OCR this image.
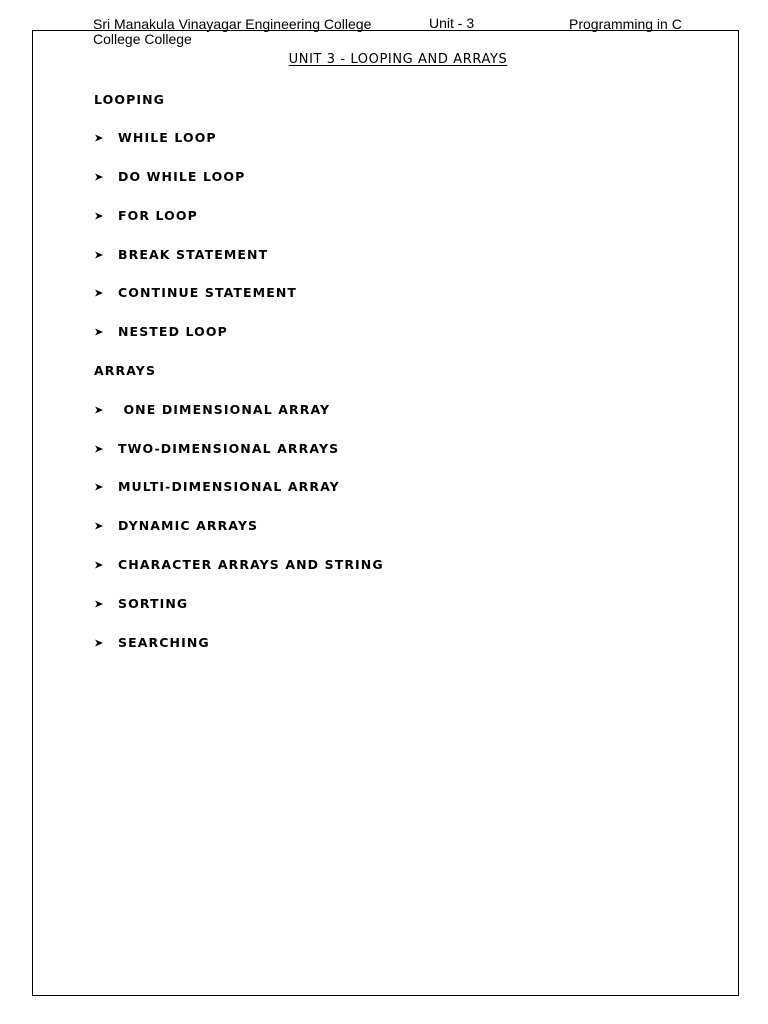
Sri Manakula Vinayagar Engineering College	Unit - 3	Programming in C
College College
UNIT 3 - LOOPING AND ARRAYS
LOOPING
WHILE LOOP
DO WHILE LOOP
FOR LOOP
BREAK STATEMENT
CONTINUE STATEMENT
NESTED LOOP
ARRAYS
ONE DIMENSIONAL ARRAY
TWO-DIMENSIONAL ARRAYS
MULTI-DIMENSIONAL ARRAY
DYNAMIC ARRAYS
CHARACTER ARRAYS AND STRING
SORTING
SEARCHING
